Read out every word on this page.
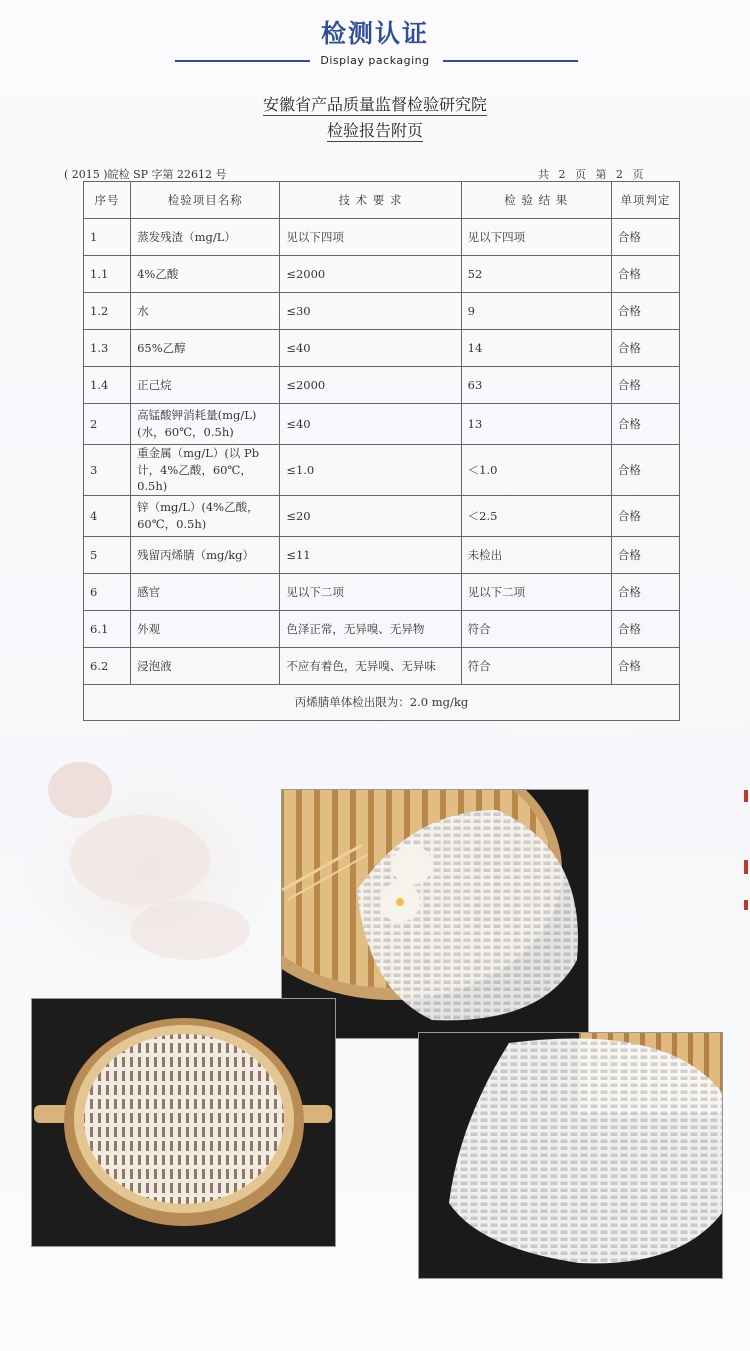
检测认证
Display packaging
安徽省产品质量监督检验研究院
检验报告附页
( 2015 )皖检 SP 字第 22612 号	共 2 页 第 2 页
序号	检验项目名称	技 术 要 求	检 验 结 果	单项判定
1	蒸发残渣（mg/L）	见以下四项	见以下四项	合格
1.1	4%乙酸	≤2000	52	合格
1.2	水	≤30	9	合格
1.3	65%乙醇	≤40	14	合格
1.4	正己烷	≤2000	63	合格
2	高锰酸钾消耗量(mg/L)(水，60℃，0.5h)	≤40	13	合格
3	重金属（mg/L）(以 Pb 计，4%乙酸，60℃，0.5h)	≤1.0	＜1.0	合格
4	锌（mg/L）(4%乙酸，60℃，0.5h)	≤20	＜2.5	合格
5	残留丙烯腈（mg/kg）	≤11	未检出	合格
6	感官	见以下二项	见以下二项	合格
6.1	外观	色泽正常，无异嗅、无异物	符合	合格
6.2	浸泡液	不应有着色，无异嗅、无异味	符合	合格
丙烯腈单体检出限为：2.0 mg/kg				
